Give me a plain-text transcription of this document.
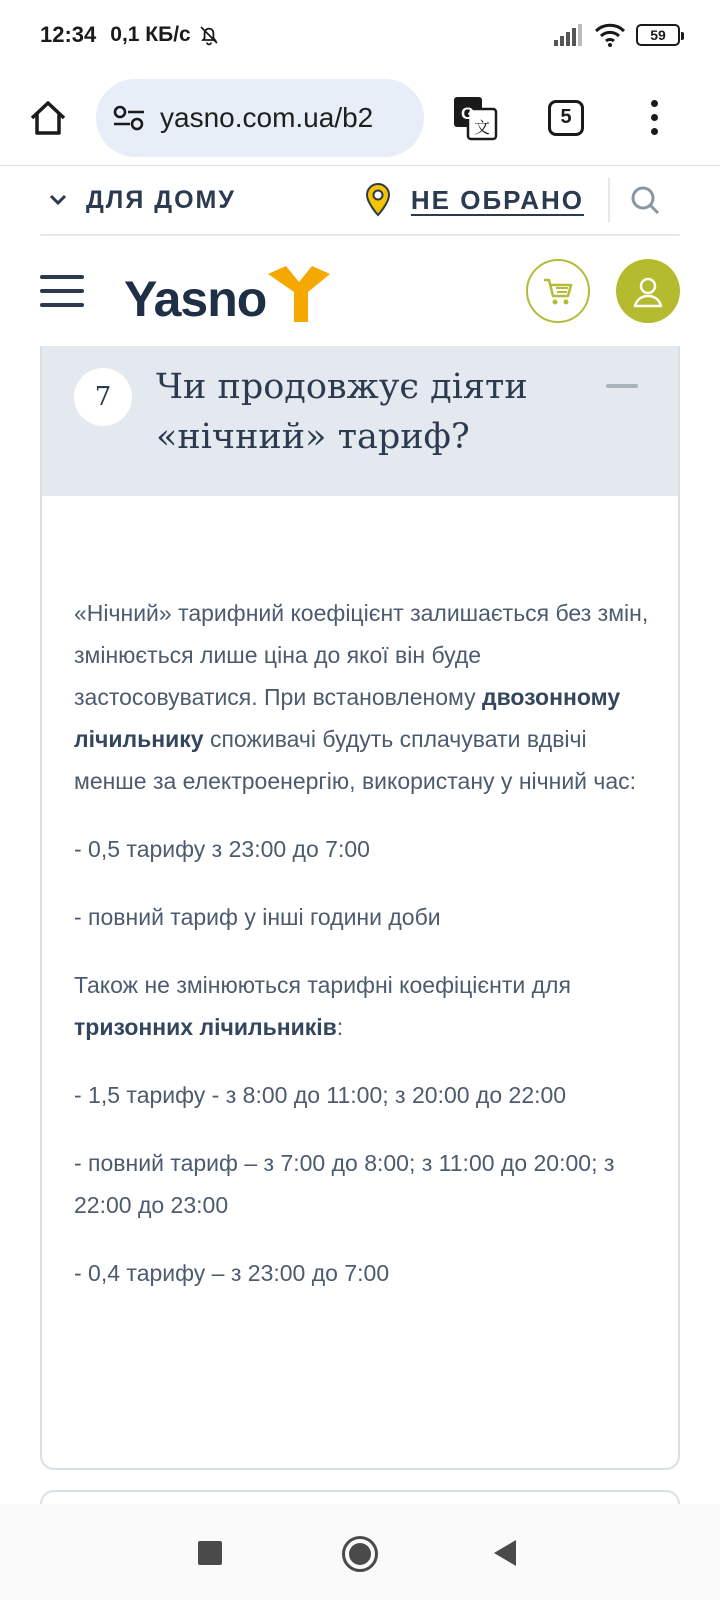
12:34 0,1 КБ/с	59
yasno.com.ua/b2	G
文	5
ДЛЯ ДОМУ	НЕ ОБРАНО
Yasno
7	Чи продовжує діяти «нічний» тариф?

«Нічний» тарифний коефіцієнт залишається без змін, змінюється лише ціна до якої він буде застосовуватися. При встановленому двозонному лічильнику споживачі будуть сплачувати вдвічі менше за електроенергію, використану у нічний час:

- 0,5 тарифу з 23:00 до 7:00

- повний тариф у інші години доби

Також не змінюються тарифні коефіцієнти для тризонних лічильників:

- 1,5 тарифу - з 8:00 до 11:00; з 20:00 до 22:00

- повний тариф – з 7:00 до 8:00; з 11:00 до 20:00; з 22:00 до 23:00

- 0,4 тарифу – з 23:00 до 7:00
